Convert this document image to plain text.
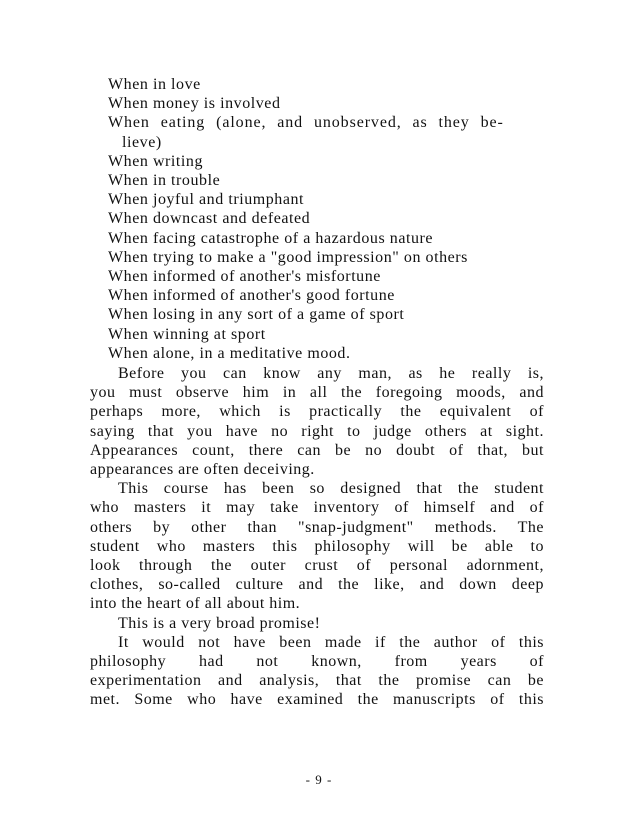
When in love
When money is involved
When eating (alone, and unobserved, as they be-
lieve)
When writing
When in trouble
When joyful and triumphant
When downcast and defeated
When facing catastrophe of a hazardous nature
When trying to make a "good impression" on others
When informed of another's misfortune
When informed of another's good fortune
When losing in any sort of a game of sport
When winning at sport
When alone, in a meditative mood.
Before you can know any man, as he really is,
you must observe him in all the foregoing moods, and
perhaps more, which is practically the equivalent of
saying that you have no right to judge others at sight.
Appearances count, there can be no doubt of that, but
appearances are often deceiving.
This course has been so designed that the student
who masters it may take inventory of himself and of
others by other than "snap-judgment" methods. The
student who masters this philosophy will be able to
look through the outer crust of personal adornment,
clothes, so-called culture and the like, and down deep
into the heart of all about him.
This is a very broad promise!
It would not have been made if the author of this
philosophy had not known, from years of
experimentation and analysis, that the promise can be
met. Some who have examined the manuscripts of this
- 9 -
